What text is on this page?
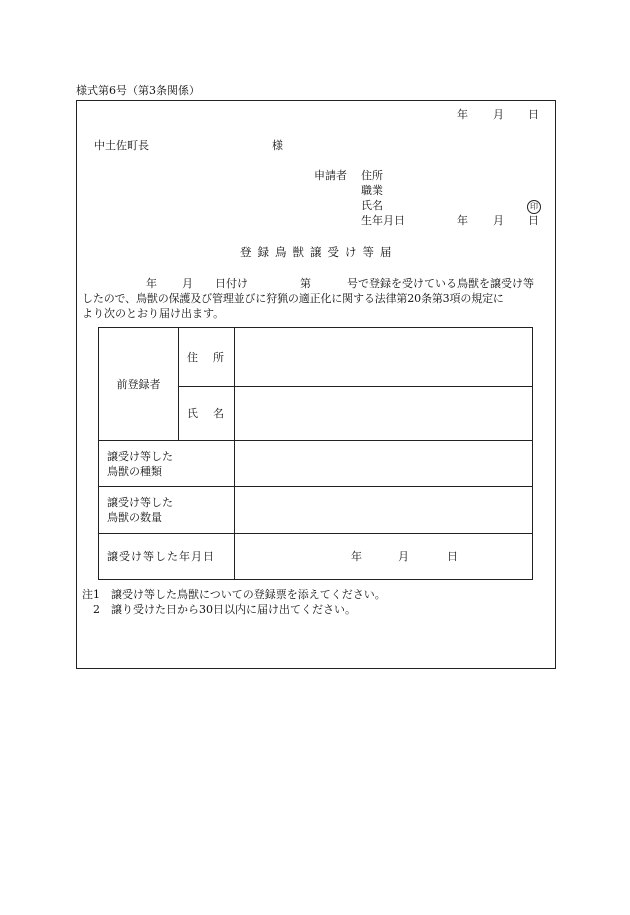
様式第6号（第3条関係）
年 月 日
中土佐町長	様
申請者 住所
職業
氏名	印
生年月日	年 月 日
登録鳥獣譲受け等届
年 月 日付け	第	号で登録を受けている鳥獣を譲受け等
したので、鳥獣の保護及び管理並びに狩猟の適正化に関する法律第20条第3項の規定に
より次のとおり届け出ます。
前登録者	住　所	
	氏　名	

譲受け等した
鳥獣の種類		

譲受け等した
鳥獣の数量		

譲受け等した年月日		年 月 日
注1　譲受け等した鳥獣についての登録票を添えてください。
　2　譲り受けた日から30日以内に届け出てください。
